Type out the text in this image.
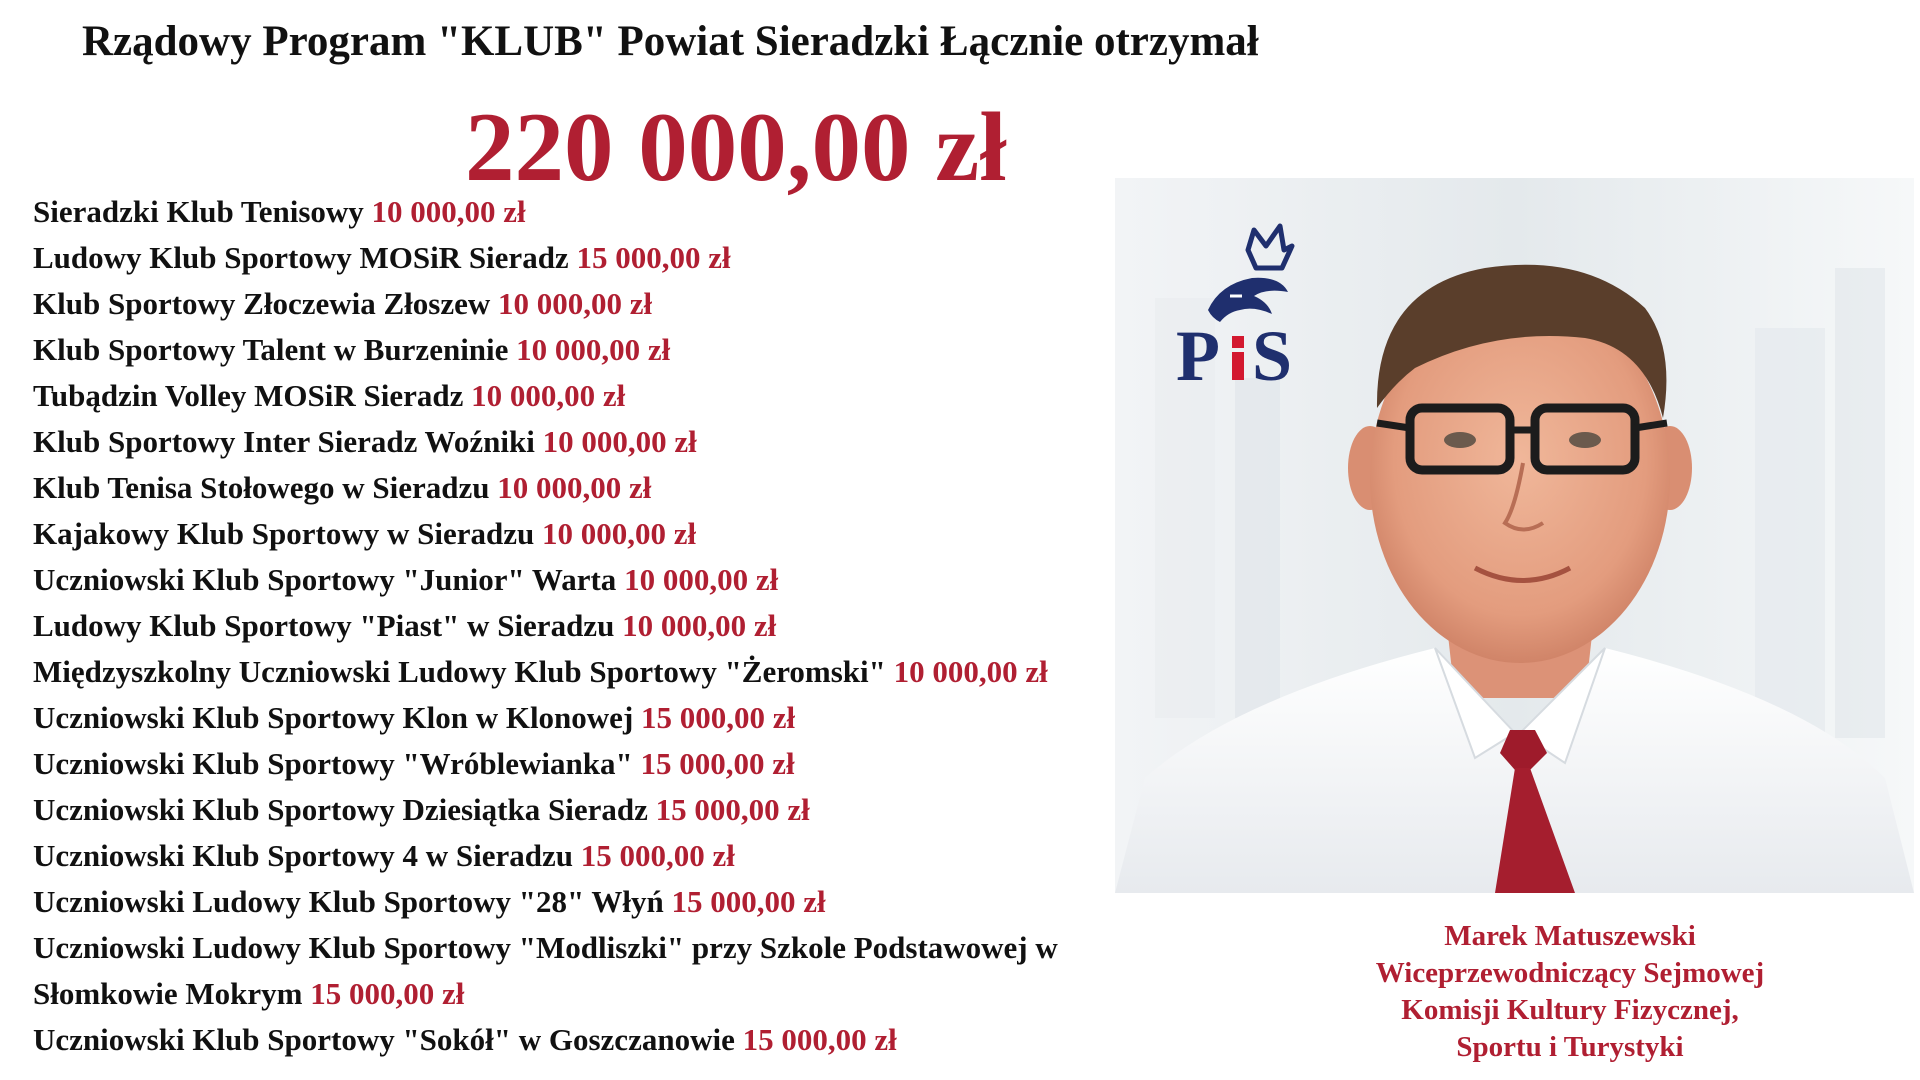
Rządowy Program "KLUB" Powiat Sieradzki Łącznie otrzymał
220 000,00 zł
Sieradzki Klub Tenisowy 10 000,00 zł
Ludowy Klub Sportowy MOSiR Sieradz 15 000,00 zł
Klub Sportowy Złoczewia Złoszew 10 000,00 zł
Klub Sportowy Talent w Burzeninie 10 000,00 zł
Tubądzin Volley MOSiR Sieradz 10 000,00 zł
Klub Sportowy Inter Sieradz Woźniki 10 000,00 zł
Klub Tenisa Stołowego w Sieradzu 10 000,00 zł
Kajakowy Klub Sportowy w Sieradzu 10 000,00 zł
Uczniowski Klub Sportowy "Junior" Warta 10 000,00 zł
Ludowy Klub Sportowy "Piast" w Sieradzu 10 000,00 zł
Międzyszkolny Uczniowski Ludowy Klub Sportowy "Żeromski" 10 000,00 zł
Uczniowski Klub Sportowy Klon w Klonowej 15 000,00 zł
Uczniowski Klub Sportowy "Wróblewianka" 15 000,00 zł
Uczniowski Klub Sportowy Dziesiątka Sieradz 15 000,00 zł
Uczniowski Klub Sportowy 4 w Sieradzu 15 000,00 zł
Uczniowski Ludowy Klub Sportowy "28" Włyń 15 000,00 zł
Uczniowski Ludowy Klub Sportowy "Modliszki" przy Szkole Podstawowej w Słomkowie Mokrym 15 000,00 zł
Uczniowski Klub Sportowy "Sokół" w Goszczanowie 15 000,00 zł
P S
Marek Matuszewski
Wiceprzewodniczący Sejmowej
Komisji Kultury Fizycznej,
Sportu i Turystyki
